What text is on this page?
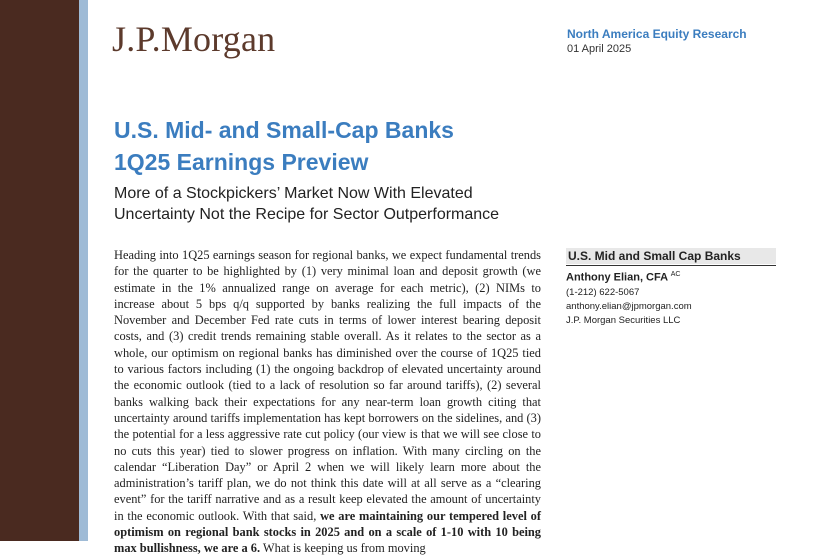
J.P.Morgan	North America Equity Research
01 April 2025
U.S. Mid- and Small-Cap Banks
1Q25 Earnings Preview
More of a Stockpickers’ Market Now With Elevated
Uncertainty Not the Recipe for Sector Outperformance

Heading into 1Q25 earnings season for regional banks, we expect fundamental trends for the quarter to be highlighted by (1) very minimal loan and deposit growth (we estimate in the 1% annualized range on average for each metric), (2) NIMs to increase about 5 bps q/q supported by banks realizing the full impacts of the November and December Fed rate cuts in terms of lower interest bearing deposit costs, and (3) credit trends remaining stable overall. As it relates to the sector as a whole, our optimism on regional banks has diminished over the course of 1Q25 tied to various factors including (1) the ongoing backdrop of elevated uncertainty around the economic outlook (tied to a lack of resolution so far around tariffs), (2) several banks walking back their expectations for any near-term loan growth citing that uncertainty around tariffs implementation has kept borrowers on the sidelines, and (3) the potential for a less aggressive rate cut policy (our view is that we will see close to no cuts this year) tied to slower progress on inflation. With many circling on the calendar “Liberation Day” or April 2 when we will likely learn more about the administration’s tariff plan, we do not think this date will at all serve as a “clearing event” for the tariff narrative and as a result keep elevated the amount of uncertainty in the economic outlook. With that said, we are maintaining our tempered level of optimism on regional bank stocks in 2025 and on a scale of 1-10 with 10 being max bullishness, we are a 6. What is keeping us from moving

U.S. Mid and Small Cap Banks
Anthony Elian, CFA $^{AC}$
(1-212) 622-5067
anthony.elian@jpmorgan.com
J.P. Morgan Securities LLC
